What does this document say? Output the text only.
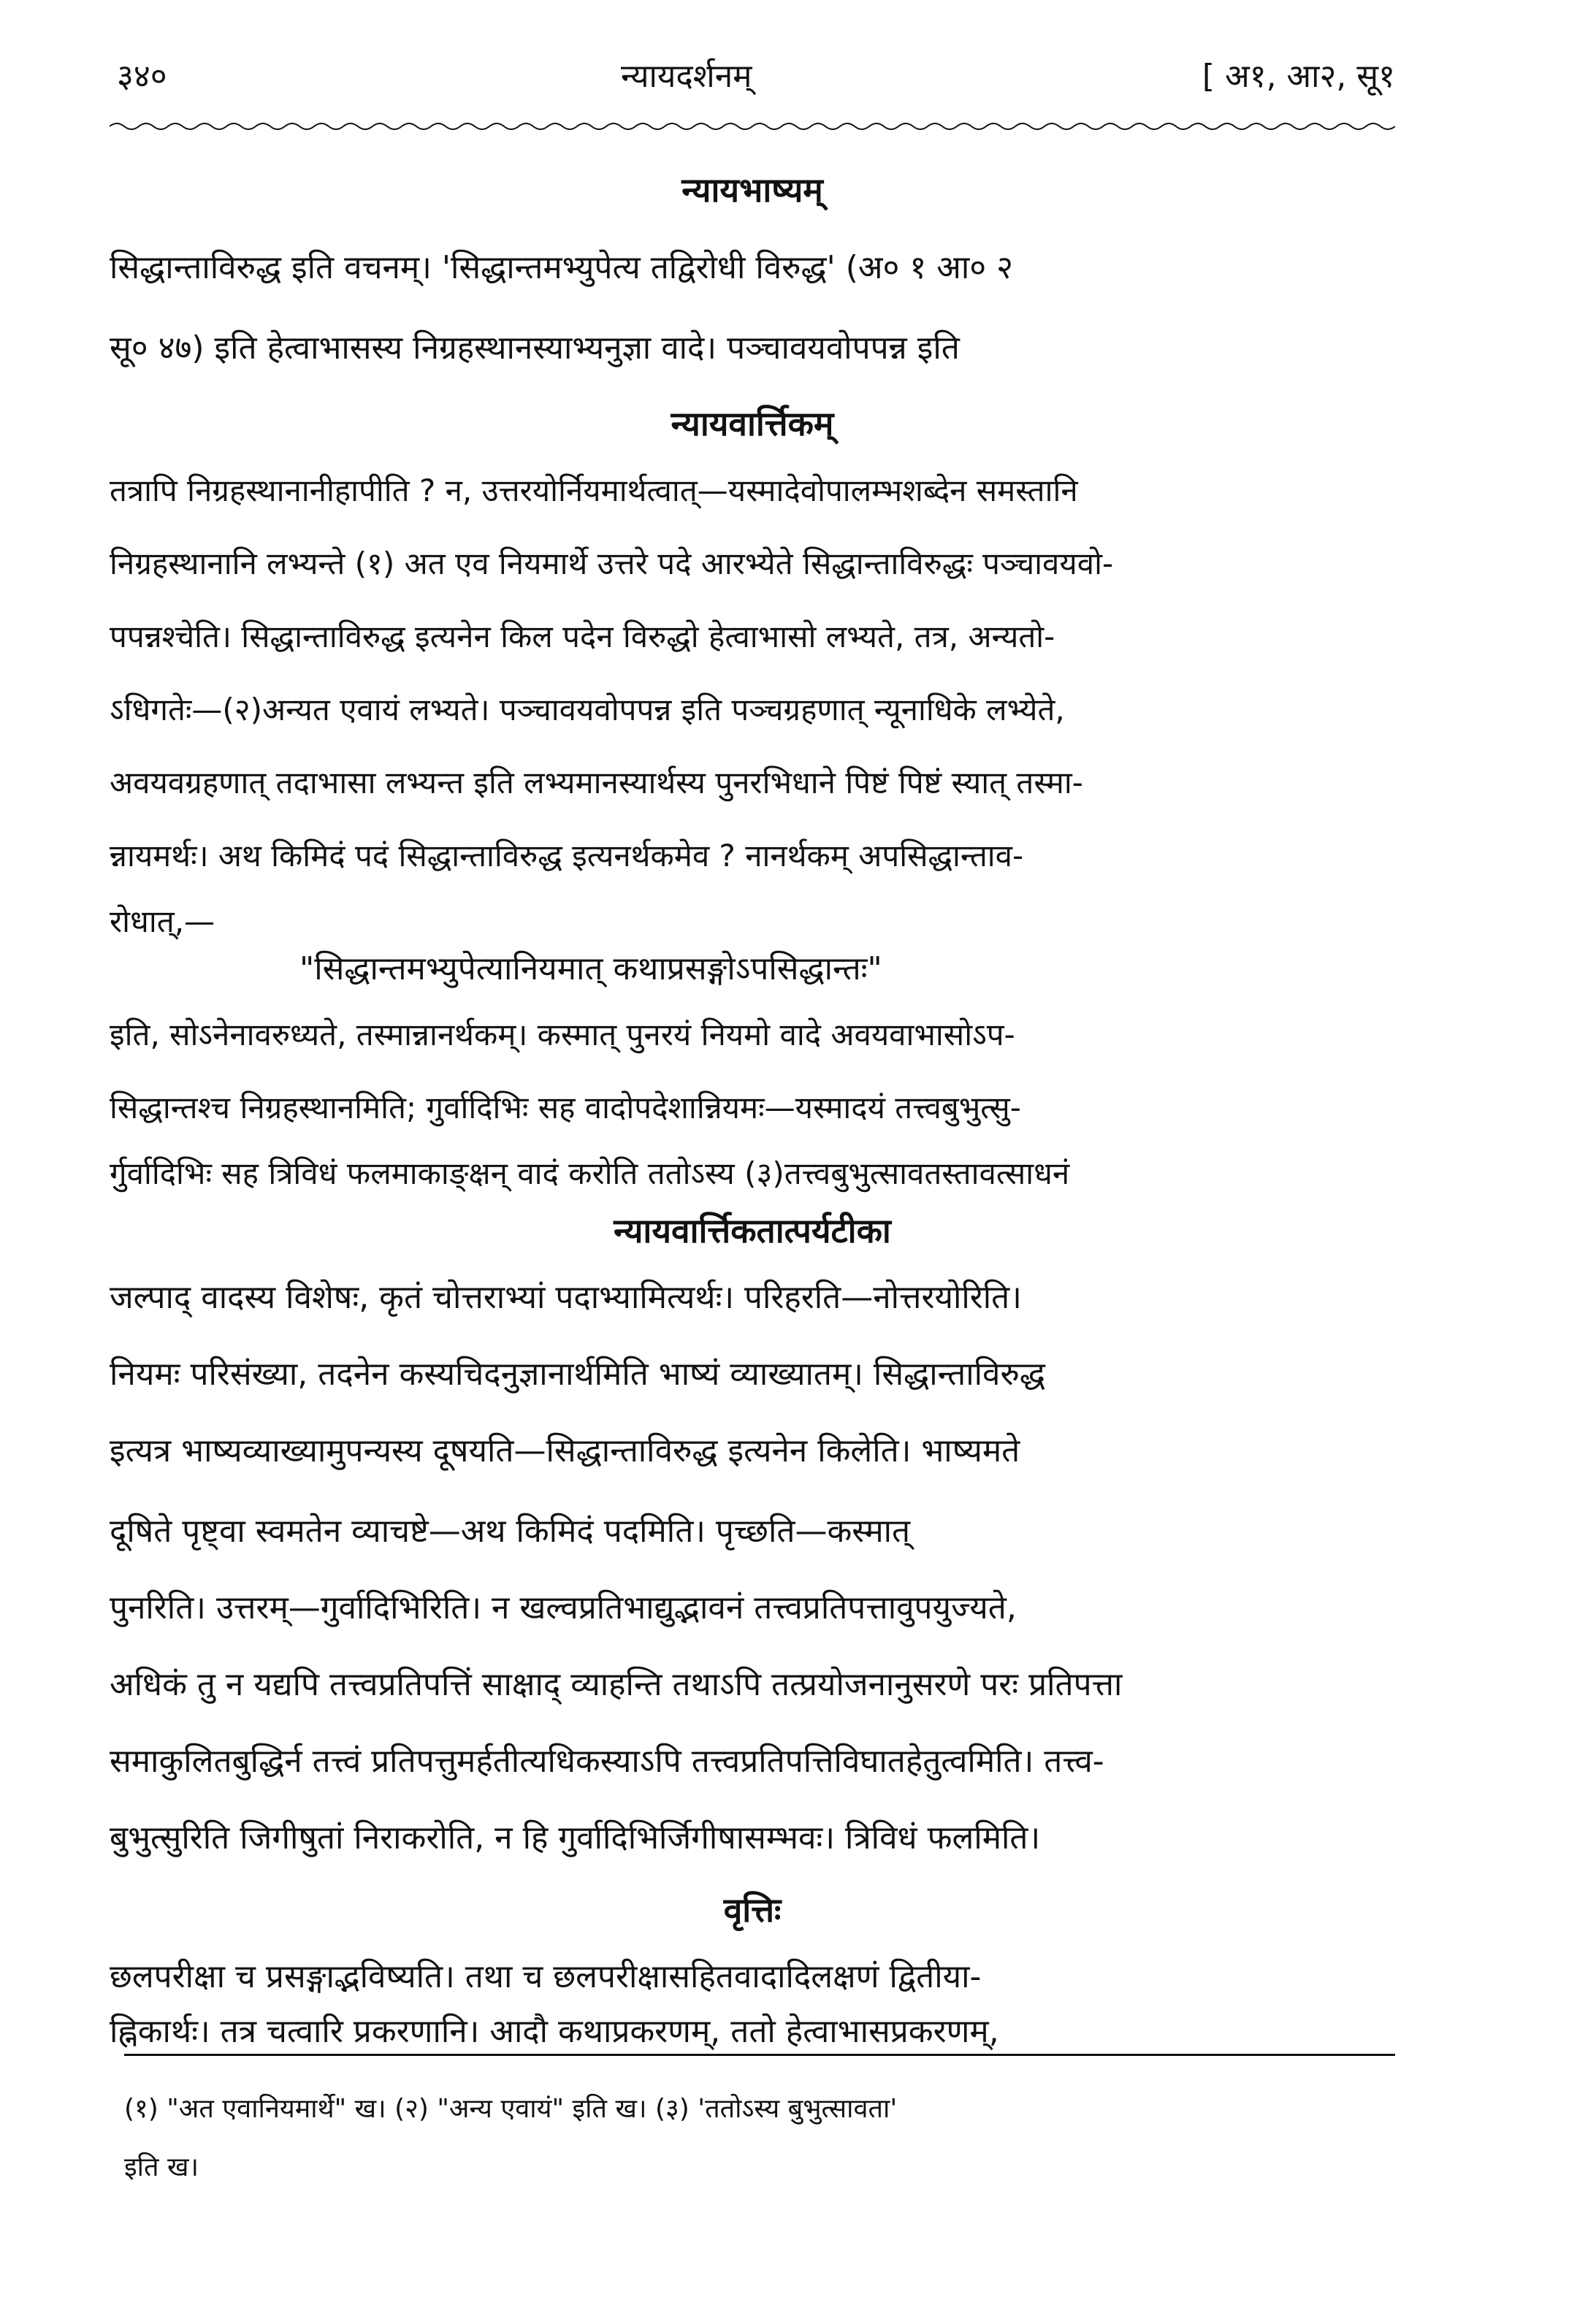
३४०	न्यायदर्शनम्	[ अ१, आ२, सू१
न्यायभाष्यम्
सिद्धान्ताविरुद्ध इति वचनम्। 'सिद्धान्तमभ्युपेत्य तद्विरोधी विरुद्ध' (अ० १ आ० २
सू० ४७) इति हेत्वाभासस्य निग्रहस्थानस्याभ्यनुज्ञा वादे। पञ्चावयवोपपन्न इति
न्यायवार्त्तिकम्
तत्रापि निग्रहस्थानानीहापीति ? न, उत्तरयोर्नियमार्थत्वात्—यस्मादेवोपालम्भशब्देन समस्तानि
निग्रहस्थानानि लभ्यन्ते (१) अत एव नियमार्थे उत्तरे पदे आरभ्येते सिद्धान्ताविरुद्धः पञ्चावयवो-
पपन्नश्चेति। सिद्धान्ताविरुद्ध इत्यनेन किल पदेन विरुद्धो हेत्वाभासो लभ्यते, तत्र, अन्यतो-
ऽधिगतेः—(२)अन्यत एवायं लभ्यते। पञ्चावयवोपपन्न इति पञ्चग्रहणात् न्यूनाधिके लभ्येते,
अवयवग्रहणात् तदाभासा लभ्यन्त इति लभ्यमानस्यार्थस्य पुनरभिधाने पिष्टं पिष्टं स्यात् तस्मा-
न्नायमर्थः। अथ किमिदं पदं सिद्धान्ताविरुद्ध इत्यनर्थकमेव ? नानर्थकम् अपसिद्धान्ताव-
रोधात्,—
"सिद्धान्तमभ्युपेत्यानियमात् कथाप्रसङ्गोऽपसिद्धान्तः"
इति, सोऽनेनावरुध्यते, तस्मान्नानर्थकम्। कस्मात् पुनरयं नियमो वादे अवयवाभासोऽप-
सिद्धान्तश्च निग्रहस्थानमिति; गुर्वादिभिः सह वादोपदेशान्नियमः—यस्मादयं तत्त्वबुभुत्सु-
र्गुर्वादिभिः सह त्रिविधं फलमाकाङ्क्षन् वादं करोति ततोऽस्य (३)तत्त्वबुभुत्सावतस्तावत्साधनं
न्यायवार्त्तिकतात्पर्यटीका
जल्पाद् वादस्य विशेषः, कृतं चोत्तराभ्यां पदाभ्यामित्यर्थः। परिहरति—नोत्तरयोरिति।
नियमः परिसंख्या, तदनेन कस्यचिदनुज्ञानार्थमिति भाष्यं व्याख्यातम्। सिद्धान्ताविरुद्ध
इत्यत्र भाष्यव्याख्यामुपन्यस्य दूषयति—सिद्धान्ताविरुद्ध इत्यनेन किलेति। भाष्यमते
दूषिते पृष्ट्वा स्वमतेन व्याचष्टे—अथ किमिदं पदमिति। पृच्छति—कस्मात्
पुनरिति। उत्तरम्—गुर्वादिभिरिति। न खल्वप्रतिभाद्युद्भावनं तत्त्वप्रतिपत्तावुपयुज्यते,
अधिकं तु न यद्यपि तत्त्वप्रतिपत्तिं साक्षाद् व्याहन्ति तथाऽपि तत्प्रयोजनानुसरणे परः प्रतिपत्ता
समाकुलितबुद्धिर्न तत्त्वं प्रतिपत्तुमर्हतीत्यधिकस्याऽपि तत्त्वप्रतिपत्तिविघातहेतुत्वमिति। तत्त्व-
बुभुत्सुरिति जिगीषुतां निराकरोति, न हि गुर्वादिभिर्जिगीषासम्भवः। त्रिविधं फलमिति।
वृत्तिः
छलपरीक्षा च प्रसङ्गाद्भविष्यति। तथा च छलपरीक्षासहितवादादिलक्षणं द्वितीया-
ह्निकार्थः। तत्र चत्वारि प्रकरणानि। आदौ कथाप्रकरणम्, ततो हेत्वाभासप्रकरणम्,
(१) "अत एवानियमार्थे" ख। (२) "अन्य एवायं" इति ख। (३) 'ततोऽस्य बुभुत्सावता'
इति ख।
